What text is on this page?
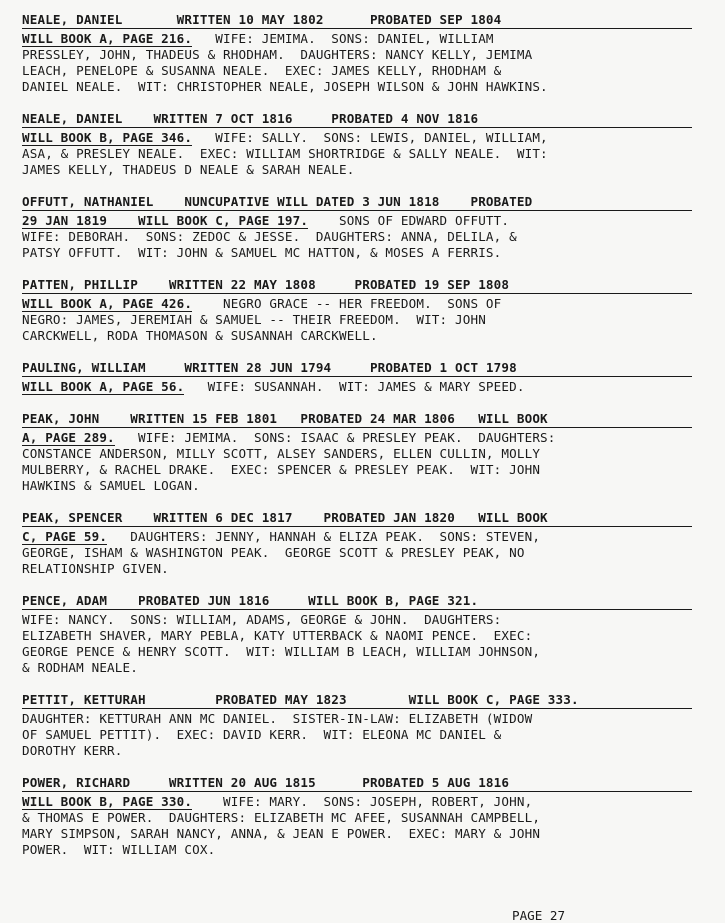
NEALE, DANIEL       WRITTEN 10 MAY 1802      PROBATED SEP 1804
WILL BOOK A, PAGE 216.   WIFE: JEMIMA.  SONS: DANIEL, WILLIAM
PRESSLEY, JOHN, THADEUS & RHODHAM.  DAUGHTERS: NANCY KELLY, JEMIMA
LEACH, PENELOPE & SUSANNA NEALE.  EXEC: JAMES KELLY, RHODHAM &
DANIEL NEALE.  WIT: CHRISTOPHER NEALE, JOSEPH WILSON & JOHN HAWKINS.
NEALE, DANIEL    WRITTEN 7 OCT 1816     PROBATED 4 NOV 1816
WILL BOOK B, PAGE 346.   WIFE: SALLY.  SONS: LEWIS, DANIEL, WILLIAM,
ASA, & PRESLEY NEALE.  EXEC: WILLIAM SHORTRIDGE & SALLY NEALE.  WIT:
JAMES KELLY, THADEUS D NEALE & SARAH NEALE.
OFFUTT, NATHANIEL    NUNCUPATIVE WILL DATED 3 JUN 1818    PROBATED
29 JAN 1819    WILL BOOK C, PAGE 197.    SONS OF EDWARD OFFUTT.
WIFE: DEBORAH.  SONS: ZEDOC & JESSE.  DAUGHTERS: ANNA, DELILA, &
PATSY OFFUTT.  WIT: JOHN & SAMUEL MC HATTON, & MOSES A FERRIS.
PATTEN, PHILLIP    WRITTEN 22 MAY 1808     PROBATED 19 SEP 1808
WILL BOOK A, PAGE 426.    NEGRO GRACE -- HER FREEDOM.  SONS OF
NEGRO: JAMES, JEREMIAH & SAMUEL -- THEIR FREEDOM.  WIT: JOHN
CARCKWELL, RODA THOMASON & SUSANNAH CARCKWELL.
PAULING, WILLIAM     WRITTEN 28 JUN 1794     PROBATED 1 OCT 1798
WILL BOOK A, PAGE 56.   WIFE: SUSANNAH.  WIT: JAMES & MARY SPEED.
PEAK, JOHN    WRITTEN 15 FEB 1801   PROBATED 24 MAR 1806   WILL BOOK
A, PAGE 289.   WIFE: JEMIMA.  SONS: ISAAC & PRESLEY PEAK.  DAUGHTERS:
CONSTANCE ANDERSON, MILLY SCOTT, ALSEY SANDERS, ELLEN CULLIN, MOLLY
MULBERRY, & RACHEL DRAKE.  EXEC: SPENCER & PRESLEY PEAK.  WIT: JOHN
HAWKINS & SAMUEL LOGAN.
PEAK, SPENCER    WRITTEN 6 DEC 1817    PROBATED JAN 1820   WILL BOOK
C, PAGE 59.   DAUGHTERS: JENNY, HANNAH & ELIZA PEAK.  SONS: STEVEN,
GEORGE, ISHAM & WASHINGTON PEAK.  GEORGE SCOTT & PRESLEY PEAK, NO
RELATIONSHIP GIVEN.
PENCE, ADAM    PROBATED JUN 1816     WILL BOOK B, PAGE 321.
WIFE: NANCY.  SONS: WILLIAM, ADAMS, GEORGE & JOHN.  DAUGHTERS:
ELIZABETH SHAVER, MARY PEBLA, KATY UTTERBACK & NAOMI PENCE.  EXEC:
GEORGE PENCE & HENRY SCOTT.  WIT: WILLIAM B LEACH, WILLIAM JOHNSON,
& RODHAM NEALE.
PETTIT, KETTURAH         PROBATED MAY 1823        WILL BOOK C, PAGE 333.
DAUGHTER: KETTURAH ANN MC DANIEL.  SISTER-IN-LAW: ELIZABETH (WIDOW
OF SAMUEL PETTIT).  EXEC: DAVID KERR.  WIT: ELEONA MC DANIEL &
DOROTHY KERR.
POWER, RICHARD     WRITTEN 20 AUG 1815      PROBATED 5 AUG 1816
WILL BOOK B, PAGE 330.    WIFE: MARY.  SONS: JOSEPH, ROBERT, JOHN,
& THOMAS E POWER.  DAUGHTERS: ELIZABETH MC AFEE, SUSANNAH CAMPBELL,
MARY SIMPSON, SARAH NANCY, ANNA, & JEAN E POWER.  EXEC: MARY & JOHN
POWER.  WIT: WILLIAM COX.
PAGE 27
